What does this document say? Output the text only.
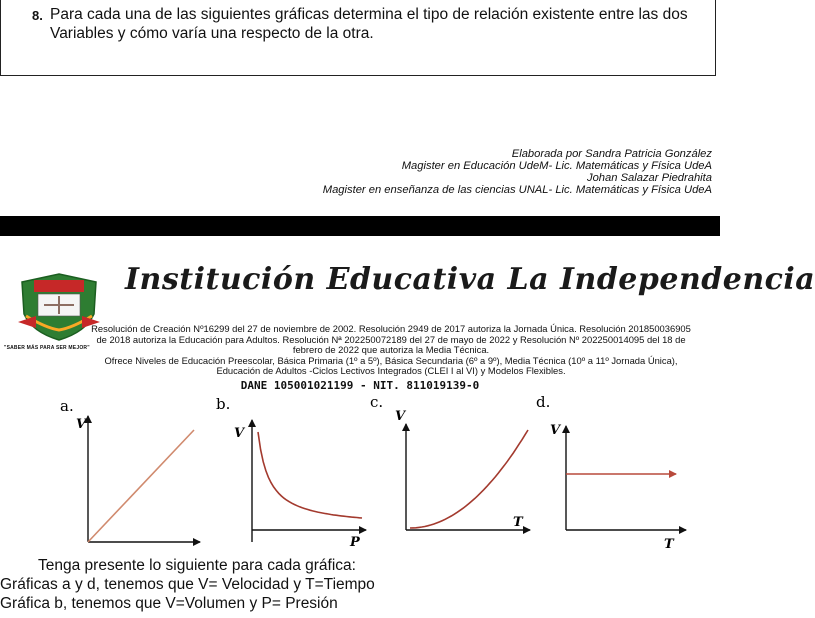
8. Para cada una de las siguientes gráficas determina el tipo de relación existente entre las dos Variables y cómo varía una respecto de la otra.
Elaborada por Sandra Patricia González
Magister en Educación UdeM- Lic. Matemáticas y Física UdeA
Johan Salazar Piedrahita
Magister en enseñanza de las ciencias UNAL- Lic. Matemáticas y Física UdeA
"SABER MÁS PARA SER MEJOR"
Institución Educativa La Independencia
Resolución de Creación Nº16299 del 27 de noviembre de 2002. Resolución 2949 de 2017 autoriza la Jornada Única. Resolución 201850036905
de 2018 autoriza la Educación para Adultos. Resolución Nª 202250072189 del 27 de mayo de 2022 y Resolución Nº 202250014095 del 18 de
febrero de 2022 que autoriza la Media Técnica.
Ofrece Niveles de Educación Preescolar, Básica Primaria (1º a 5º), Básica Secundaria (6º a 9º), Media Técnica (10º a 11º Jornada Única),
Educación de Adultos -Ciclos Lectivos Integrados (CLEI I al VI) y Modelos Flexibles.
DANE 105001021199 - NIT. 811019139-0
a.
V
b.
V
P
c.
V
T
d.
V
T
Tenga presente lo siguiente para cada gráfica:
Gráficas a y d, tenemos que V= Velocidad y T=Tiempo
Gráfica b, tenemos que V=Volumen y P= Presión
